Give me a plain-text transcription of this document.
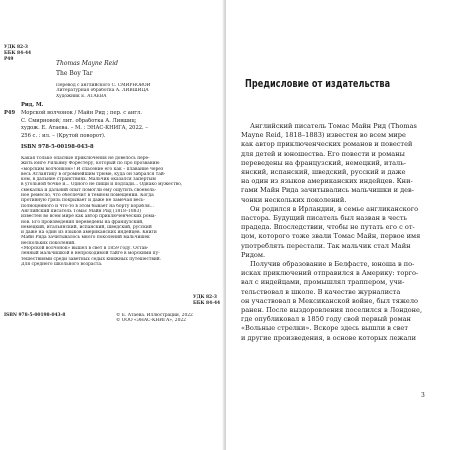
УДК 82-3
ББК 84-44
Р49
Thomas Mayne Reid
The Boy Tar
Перевод с английского С. СМИРНОВОЙ
Литературная обработка А. ЛИВШИЦА
Художник Е. АТАЕВА
Рид, М.
Р49 Морской волчонок / Майн Рид ; пер. с англ.
С. Смирновой; лит. обработка А. Лившиц;
худож. Е. Атаева. – М. : ЭНАС-КНИГА, 2022. –
256 с. : ил. – (Крутой поворот).
ISBN 978-5-00198-043-8
Какая только опасные приключения не довелось пере-
жить юнге Уильяму Форестеру, который по про прозванию
«морским волчонком»! И спасение его как – плавание через
весь Атлантику в огромнейшим трюме, куда он забрался тай-
ком, в дальние странствиях. Мальчик оказался запертым
в угольной бочке и... Одного не пищи и подлади... Однако мужество,
смекалка и дальний опыт помогли ему ощутить своеволь-
ное ремесло, что обеспечит в тёмном помещении. Когда
противную грязь покрывает и даже не замечая весь-
полноценного и что-то в этом бывает на борту корабля...
Английский писатель Томас Майн Рид (1818–1883)
известен во всём мире как автор приключенческих рома-
нов. Его произведения переведены на французский,
немецкий, итальянский, испанский, шведский, русский
и даже на один из языков американских индейцев. Книги
Майн Рида зачитывалось много поколений мальчишек
нескольких поколений.
«Морской волчонок» вышел в свет в 1859 году. Остав-
ленный мальчишкой в непроходимой тайге в морскими пу-
тешествиями среди заветных седых книжных путешествий.
Для среднего школьного возраста.
УДК 82-3
ББК 84-44
ISBN 978-5-00198-043-8	© Е. Атаева. Иллюстрации, 2022
© ООО «ЭНАС-КНИГА», 2022
Предисловие от издательства
Английский писатель Томас Майн Рид (Thomas
Mayne Reid, 1818–1883) известен во всем мире
как автор приключенческих романов и повестей
для детей и юношества. Его повести и романы
переведены на французский, немецкий, италь-
янский, испанский, шведский, русский и даже
на один из языков американских индейцев. Кни-
гами Майн Рида зачитывались мальчишки и дев-
чонки нескольких поколений.
Он родился в Ирландии, в семье англиканского
пастора. Будущий писатель был назван в честь
прадеда. Впоследствии, чтобы не путать его с от-
цом, которого тоже звали Томас Майн, первое имя
употреблять перестали. Так мальчик стал Майн
Ридом.
Получив образование в Белфасте, юноша в по-
исках приключений отправился в Америку: торго-
вал с индейцами, промышлял траппером, учи-
тельствовал в школе. В качестве журналиста
он участвовал в Мексиканской войне, был тяжело
ранен. После выздоровления поселился в Лондоне,
где опубликовал в 1850 году свой первый роман
«Вольные стрелки». Вскоре здесь вышли в свет
и другие произведения, в основе которых лежали
3
